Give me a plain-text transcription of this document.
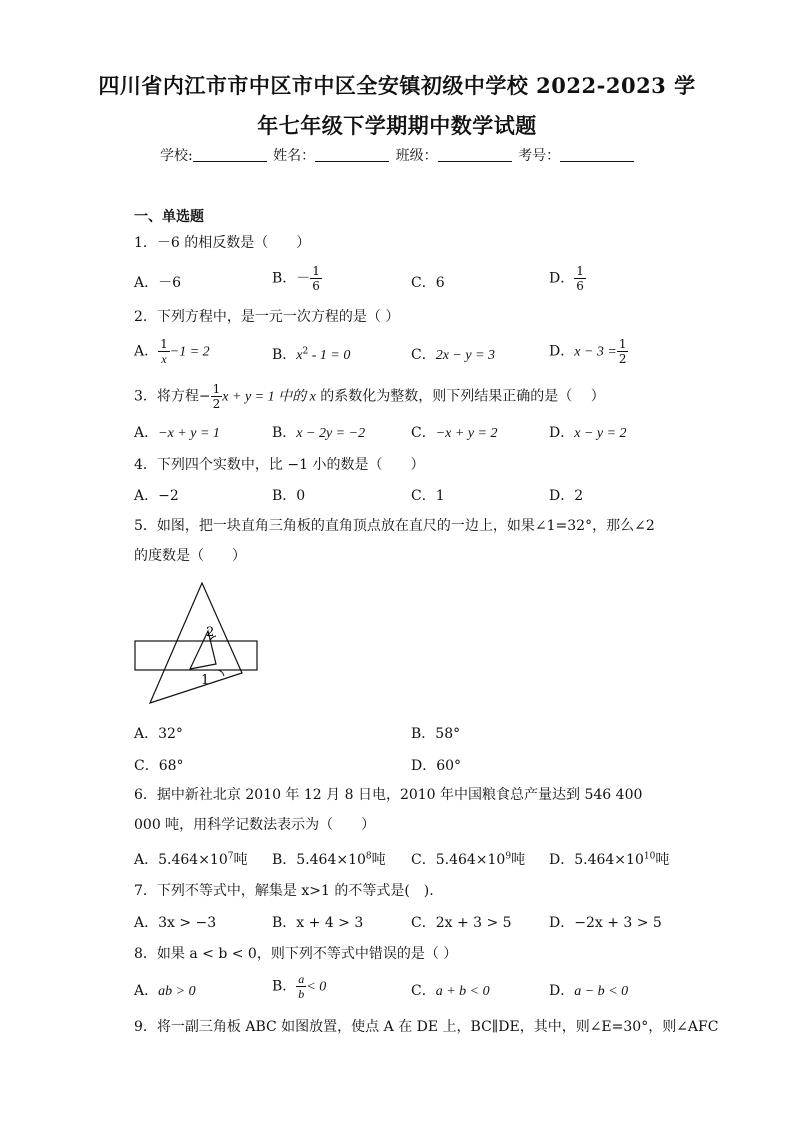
四川省内江市市中区市中区全安镇初级中学校 2022-2023 学
年七年级下学期期中数学试题
学校:	姓名：	班级：	考号：
一、单选题
1．－6 的相反数是（　　）
A．－6	B．－ $\frac{1}{6}$	C．6	D． $\frac{1}{6}$
2．下列方程中，是一元一次方程的是（ ）
A． $\frac{1}{x} -1 = 2$	B．$x^2 - 1 = 0$	C．2x − y = 3	D．$x - 3 = \frac{1}{2}$
3．将方程− $\frac{1}{2}$ x + y = 1 中的 x 的系数化为整数，则下列结果正确的是（　 ）
A．−x + y = 1	B．x − 2y = −2	C．−x + y = 2	D．x − y = 2
4．下列四个实数中，比 −1 小的数是（　　）
A．−2	B．0	C．1	D．2
5．如图，把一块直角三角板的直角顶点放在直尺的一边上，如果∠1=32°，那么∠2 的度数是（　　）
2
1
A．32°	B．58°
C．68°	D．60°
6．据中新社北京 2010 年 12 月 8 日电，2010 年中国粮食总产量达到 546 400 000 吨，用科学记数法表示为（　　）
A．$5.464\times 10^7$吨 B．$5.464\times 10^8$吨 C．$5.464\times 10^9$吨 D．$5.464\times 10^{10}$吨
7．下列不等式中，解集是 x>1 的不等式是(　).
A．3x > −3	B．x + 4 > 3	C．2x + 3 > 5	D．−2x + 3 > 5
8．如果 a < b < 0，则下列不等式中错误的是（ ）
A．ab > 0	B． $\frac{a}{b} < 0$	C．a + b < 0	D．a − b < 0
9．将一副三角板 ABC 如图放置，使点 A 在 DE 上，BC∥DE，其中，则∠E=30°，则∠AFC
